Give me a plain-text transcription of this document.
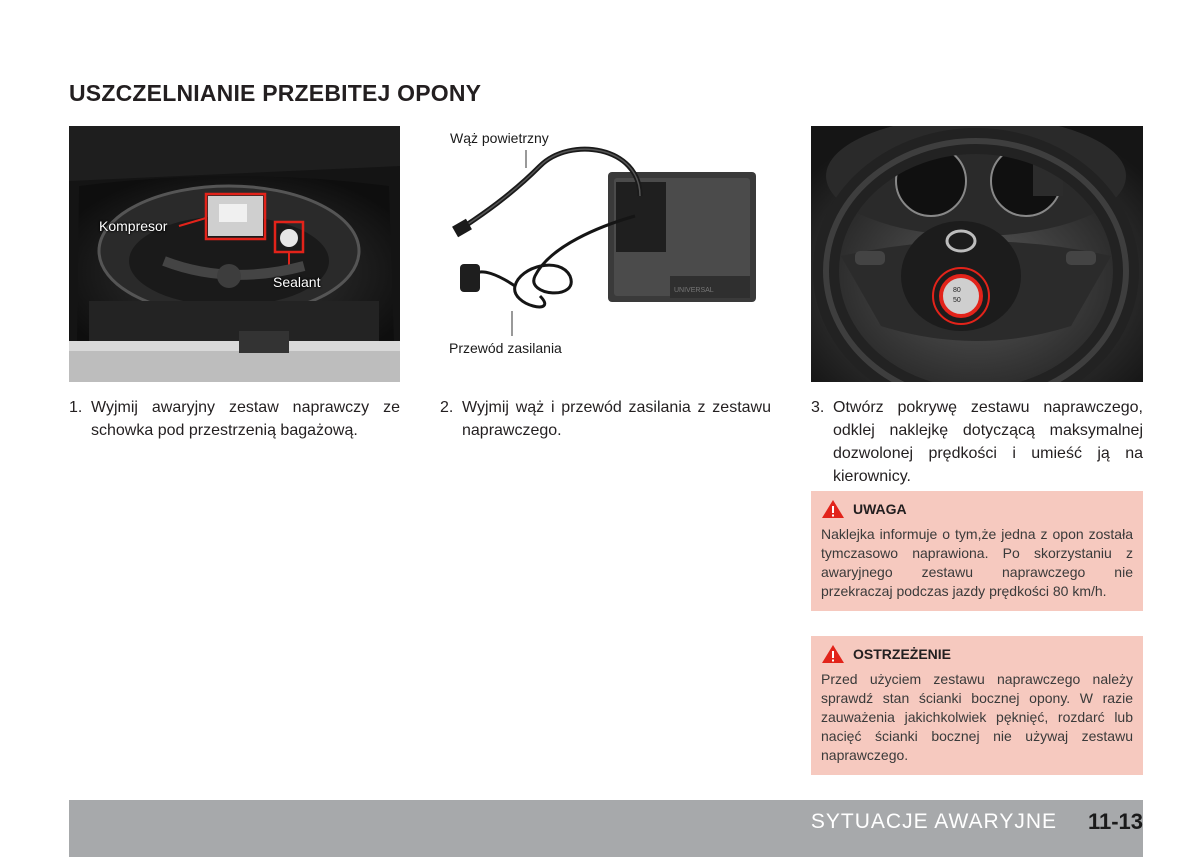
USZCZELNIANIE PRZEBITEJ OPONY
Kompresor
Sealant
Wąż powietrzny
UNIVERSAL
Przewód zasilania
80
50
1. Wyjmij awaryjny zestaw naprawczy ze schowka pod przestrzenią bagażową.
2. Wyjmij wąż i przewód zasilania z zestawu naprawczego.
3. Otwórz pokrywę zestawu naprawczego, odklej naklejkę dotyczącą maksymalnej dozwolonej prędkości i umieść ją na kierownicy.
UWAGA

Naklejka informuje o tym,że jedna z opon została tymczasowo naprawiona. Po skorzystaniu z awaryjnego zestawu naprawczego nie przekraczaj podczas jazdy prędkości 80 km/h.

OSTRZEŻENIE

Przed użyciem zestawu naprawczego należy sprawdź stan ścianki bocznej opony. W razie zauważenia jakichkolwiek pęknięć, rozdarć lub nacięć ścianki bocznej nie używaj zestawu naprawczego.

SYTUACJE AWARYJNE 11-13
